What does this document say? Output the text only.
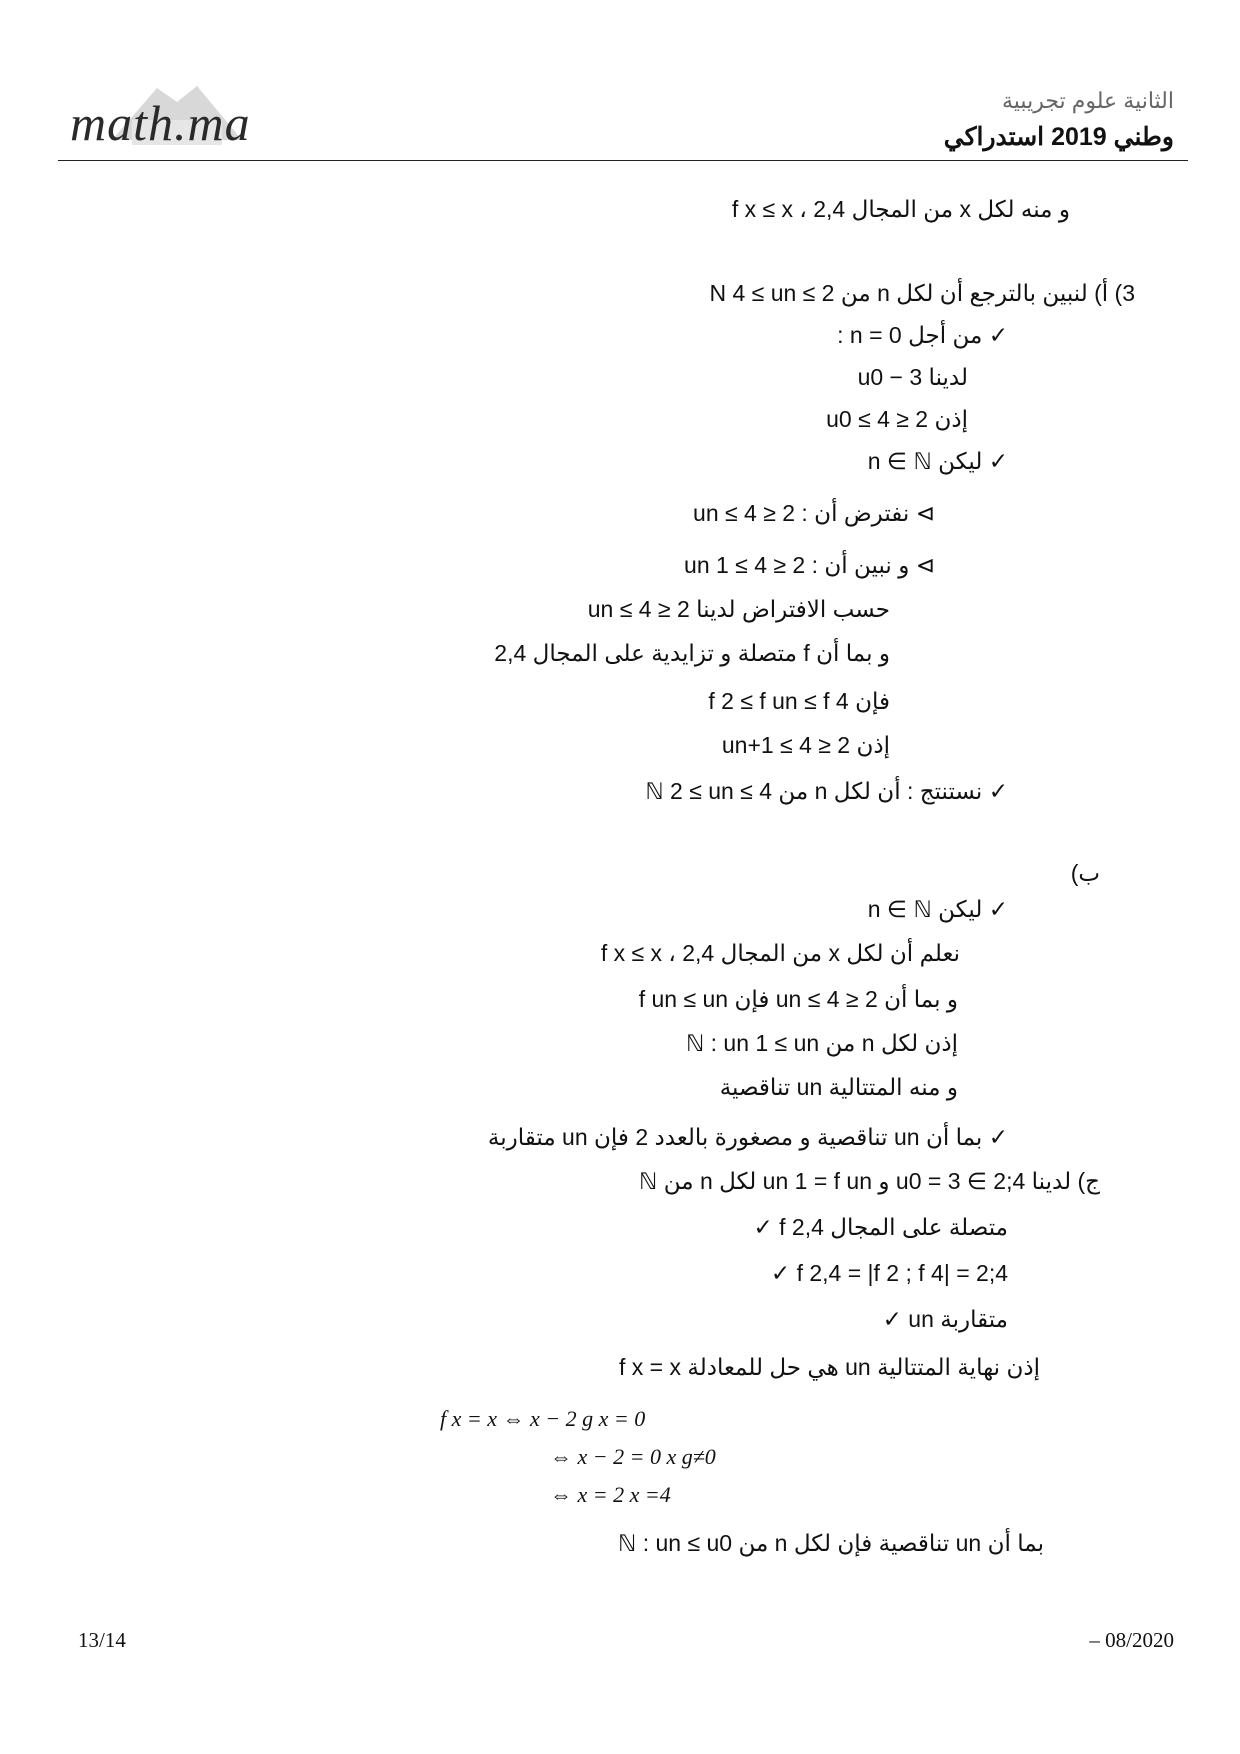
math.ma	الثانية علوم تجريبية
وطني 2019 استدراكي
و منه لكل x من المجال 2,4 ، f x ≤ x
3) أ) لنبين بالترجع أن لكل n من N 4 ≤ un ≤ 2
✓ من أجل n = 0 :
لدينا u0 − 3
إذن 2 ≤ u0 ≤ 4
✓ ليكن n ∈ ℕ
⊳ نفترض أن : 2 ≤ un ≤ 4
⊳ و نبين أن : 2 ≤ un 1 ≤ 4
حسب الافتراض لدينا 2 ≤ un ≤ 4
و بما أن f متصلة و تزايدية على المجال 2,4
فإن f 2 ≤ f un ≤ f 4
إذن 2 ≤ un+1 ≤ 4
✓ نستنتج : أن لكل n من ℕ 2 ≤ un ≤ 4
ب)
✓ ليكن n ∈ ℕ
نعلم أن لكل x من المجال 2,4 ، f x ≤ x
و بما أن 2 ≤ un ≤ 4 فإن f un ≤ un
إذن لكل n من ℕ : un 1 ≤ un
و منه المتتالية un تناقصية
✓ بما أن un تناقصية و مصغورة بالعدد 2 فإن un متقاربة
ج) لدينا u0 = 3 ∈ 2;4 و un 1 = f un لكل n من ℕ
✓ f متصلة على المجال 2,4
✓ f 2,4 = |f 2 ; f 4| = 2;4
✓ un متقاربة
إذن نهاية المتتالية un هي حل للمعادلة f x = x
f x = x ⇔ x − 2 g x = 0
⇔ x − 2 = 0 x g≠0
⇔ x = 2 x =4
بما أن un تناقصية فإن لكل n من ℕ : un ≤ u0
13/14	– 08/2020
